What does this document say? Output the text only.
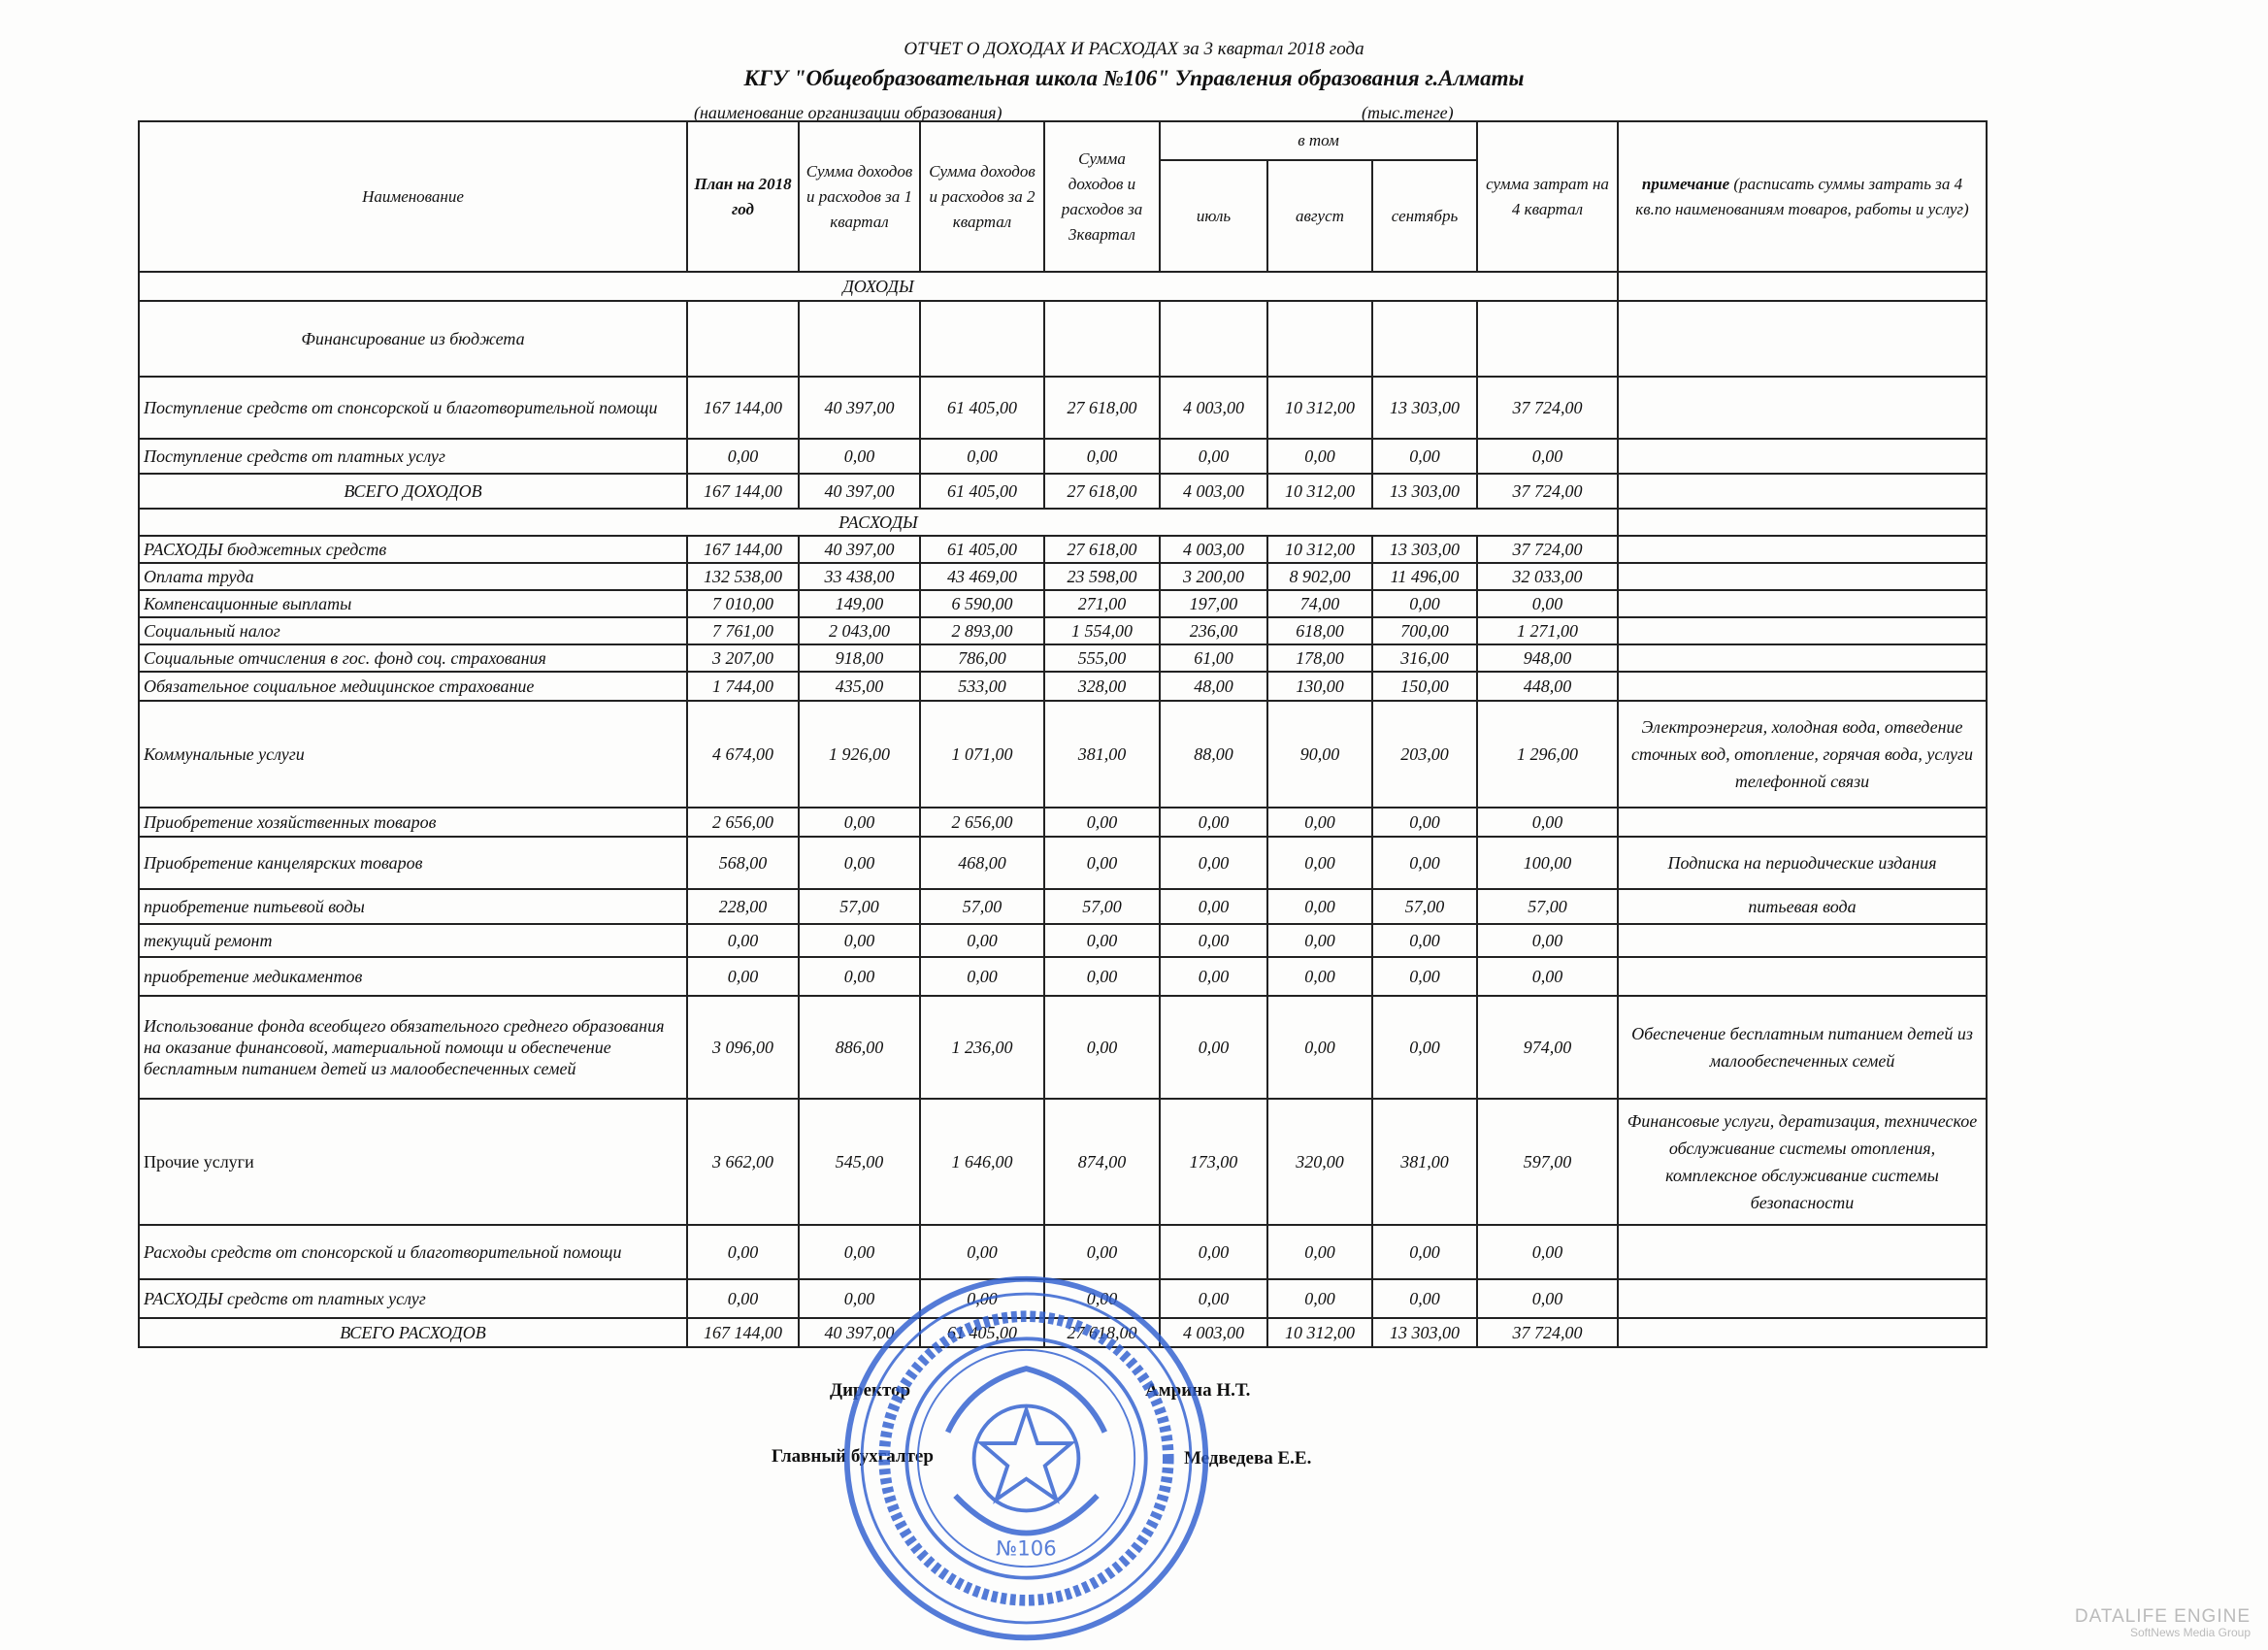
ОТЧЕТ О ДОХОДАХ И РАСХОДАХ за 3 квартал 2018 года
КГУ "Общеобразовательная школа №106" Управления образования г.Алматы
(наименование организации образования)	(тыс.тенге)
Наименование	План на 2018 год	Сумма доходов и расходов за 1 квартал	Сумма доходов и расходов за 2 квартал	Сумма доходов и расходов за 3квартал	в том			сумма затрат на 4 квартал	примечание (расписать суммы затрать за 4 кв.по наименованиям товаров, работы и услуг)
					июль	август	сентябрь		
ДОХОДЫ									
Финансирование из бюджета									
Поступление средств от спонсорской и благотворительной помощи	167 144,00	40 397,00	61 405,00	27 618,00	4 003,00	10 312,00	13 303,00	37 724,00	
Поступление средств от платных услуг	0,00	0,00	0,00	0,00	0,00	0,00	0,00	0,00	
ВСЕГО ДОХОДОВ	167 144,00	40 397,00	61 405,00	27 618,00	4 003,00	10 312,00	13 303,00	37 724,00	
РАСХОДЫ									
РАСХОДЫ бюджетных средств	167 144,00	40 397,00	61 405,00	27 618,00	4 003,00	10 312,00	13 303,00	37 724,00	
Оплата труда	132 538,00	33 438,00	43 469,00	23 598,00	3 200,00	8 902,00	11 496,00	32 033,00	
Компенсационные выплаты	7 010,00	149,00	6 590,00	271,00	197,00	74,00	0,00	0,00	
Социальный налог	7 761,00	2 043,00	2 893,00	1 554,00	236,00	618,00	700,00	1 271,00	
Социальные отчисления в гос. фонд соц. страхования	3 207,00	918,00	786,00	555,00	61,00	178,00	316,00	948,00	
Обязательное социальное медицинское страхование	1 744,00	435,00	533,00	328,00	48,00	130,00	150,00	448,00	
Коммунальные услуги	4 674,00	1 926,00	1 071,00	381,00	88,00	90,00	203,00	1 296,00	Электроэнергия, холодная вода, отведение сточных вод, отопление, горячая вода, услуги телефонной связи
Приобретение хозяйственных товаров	2 656,00	0,00	2 656,00	0,00	0,00	0,00	0,00	0,00	
Приобретение канцелярских товаров	568,00	0,00	468,00	0,00	0,00	0,00	0,00	100,00	Подписка на периодические издания
приобретение питьевой воды	228,00	57,00	57,00	57,00	0,00	0,00	57,00	57,00	питьевая вода
текущий ремонт	0,00	0,00	0,00	0,00	0,00	0,00	0,00	0,00	
приобретение медикаментов	0,00	0,00	0,00	0,00	0,00	0,00	0,00	0,00	
Использование фонда всеобщего обязательного среднего образования на оказание финансовой, материальной помощи и обеспечение бесплатным питанием детей из малообеспеченных семей	3 096,00	886,00	1 236,00	0,00	0,00	0,00	0,00	974,00	Обеспечение бесплатным питанием детей из малообеспеченных семей
Прочие услуги	3 662,00	545,00	1 646,00	874,00	173,00	320,00	381,00	597,00	Финансовые услуги, дератизация, техническое обслуживание системы отопления, комплексное обслуживание системы безопасности
Расходы средств от спонсорской и благотворительной помощи	0,00	0,00	0,00	0,00	0,00	0,00	0,00	0,00	
РАСХОДЫ средств от платных услуг	0,00	0,00	0,00	0,00	0,00	0,00	0,00	0,00	
ВСЕГО РАСХОДОВ	167 144,00	40 397,00	61 405,00	27 618,00	4 003,00	10 312,00	13 303,00	37 724,00	
Директор	Амрина Н.Т.
Главный бухгалтер	Медведева Е.Е.
№106
DATALIFE ENGINE
SoftNews Media Group
